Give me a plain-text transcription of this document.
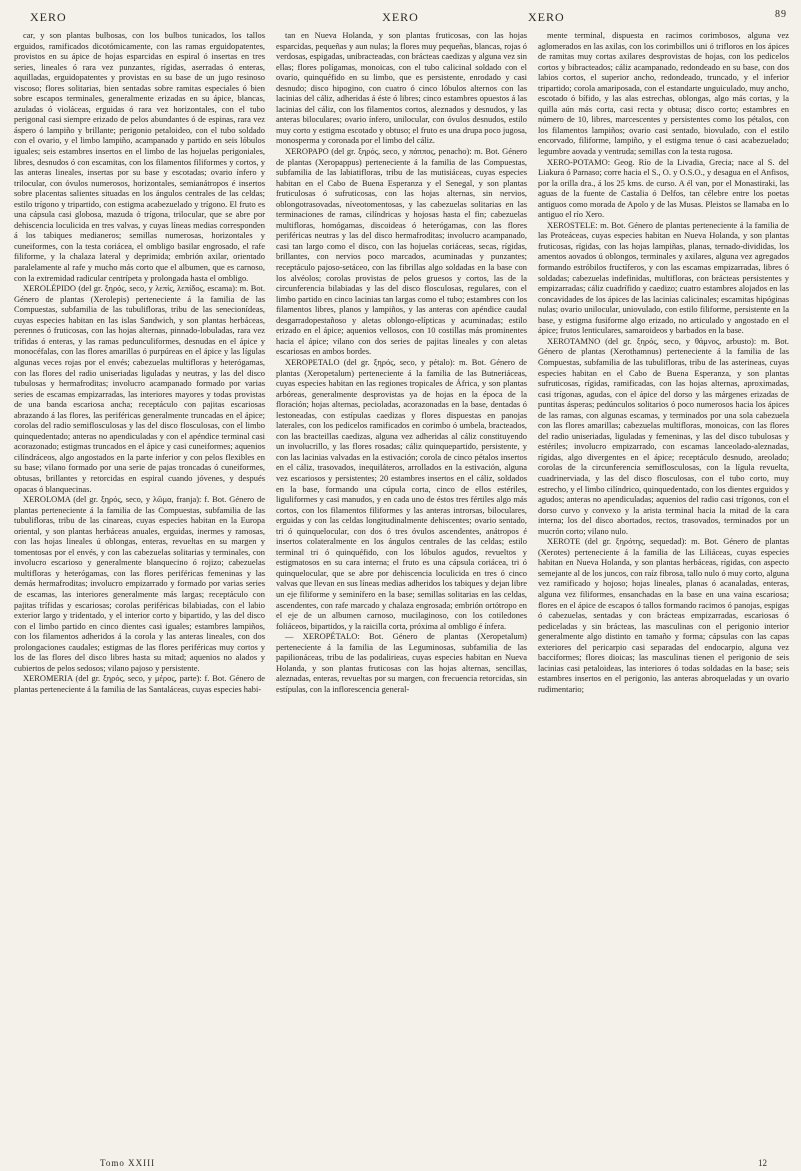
XERO	XERO	XERO	89

car, y son plantas bulbosas, con los bulbos tunicados, los tallos erguidos, ramificados dicotómicamente, con las ramas erguidopatentes, provistos en su ápice de hojas esparcidas en espiral ó insertas en tres series, lineales ó rara vez punzantes, rígidas, aserradas ó enteras, aquilladas, erguidopatentes y provistas en su base de un jugo resinoso viscoso; flores solitarias, bien sentadas sobre ramitas especiales ó bien sobre escapos terminales, generalmente erizadas en su ápice, blancas, azuladas ó violáceas, erguidas ó rara vez horizontales, con el tubo perigonal casi siempre erizado de pelos abundantes ó de espinas, rara vez áspero ó lampiño y brillante; perigonio petaloideo, con el tubo soldado con el ovario, y el limbo lampiño, acampanado y partido en seis lóbulos iguales; seis estambres insertos en el limbo de las hojuelas perigoniales, libres, desnudos ó con escamitas, con los filamentos filiformes y cortos, y las anteras lineales, insertas por su base y escotadas; ovario ínfero y trilocular, con óvulos numerosos, horizontales, semianátropos é insertos sobre placentas salientes situadas en los ángulos centrales de las celdas; estilo trígono y tripartido, con estigma acabezuelado y trígono. El fruto es una cápsula casi globosa, mazuda ó trígona, trilocular, que se abre por dehiscencia loculicida en tres valvas, y cuyas líneas medias corresponden á los tabiques medianeros; semillas numerosas, horizontales y cuneiformes, con la testa coriácea, el ombligo basilar engrosado, el rafe filiforme, y la chalaza lateral y deprimida; embrión axilar, orientado paralelamente al rafe y mucho más corto que el albumen, que es carnoso, con la extremidad radicular centrípeta y prolongada hasta el ombligo.

XEROLÉPIDO (del gr. ξηρός, seco, y λεπίς, λεπίδος, escama): m. Bot. Género de plantas (Xerolepis) perteneciente á la familia de las Compuestas, subfamilia de las tubulifloras, tribu de las senecionídeas, cuyas especies habitan en las islas Sandwich, y son plantas herbáceas, perennes ó fruticosas, con las hojas alternas, pinnado-lobuladas, rara vez trífidas ó enteras, y las ramas pedunculiformes, desnudas en el ápice y monocéfalas, con las flores amarillas ó purpúreas en el ápice y las lígulas algunas veces rojas por el envés; cabezuelas multifloras y heterógamas, con las flores del radio uniseriadas liguladas y neutras, y las del disco tubulosas y hermafroditas; involucro acampanado formado por varias series de escamas empizarradas, las interiores mayores y todas provistas de una banda escariosa ancha; receptáculo con pajitas escariosas abrazando á las flores, las periféricas generalmente truncadas en el ápice; corolas del radio semiflosculosas y las del disco flosculosas, con el limbo quinquedentado; anteras no apendiculadas y con el apéndice terminal casi acorazonado; estigmas truncados en el ápice y casi cuneiformes; aquenios cilíndráceos, algo angostados en la parte inferior y con pelos flexibles en su base; vilano formado por una serie de pajas troncadas ó cuneiformes, obtusas, brillantes y retorcidas en espiral cuando jóvenes, y después opacas ó blanquecinas.

XEROLOMA (del gr. ξηρός, seco, y λῶμα, franja): f. Bot. Género de plantas perteneciente á la familia de las Compuestas, subfamilia de las tubulifloras, tribu de las cinareas, cuyas especies habitan en la Europa oriental, y son plantas herbáceas anuales, erguidas, inermes y ramosas, con las hojas lineales ú oblongas, enteras, revueltas en su margen y tomentosas por el envés, y con las cabezuelas solitarias y terminales, con involucro escarioso y generalmente blanquecino ó rojizo; cabezuelas multifloras y heterógamas, con las flores periféricas femeninas y las demás hermafroditas; involucro empizarrado y formado por varias series de escamas, las interiores generalmente más largas; receptáculo con pajitas trífidas y escariosas; corolas periféricas bilabiadas, con el labio exterior largo y tridentado, y el interior corto y bipartido, y las del disco con el limbo partido en cinco dientes casi iguales; estambres lampiños, con los filamentos adheridos á la corola y las anteras lineales, con dos prolongaciones caudales; estigmas de las flores periféricas muy cortos y los de las flores del disco libres hasta su mitad; aquenios no alados y cubiertos de pelos sedosos; vilano pajoso y persistente.

XEROMERIA (del gr. ξηρός, seco, y μέρος, parte): f. Bot. Género de plantas perteneciente á la familia de las Santaláceas, cuyas especies habi-

tan en Nueva Holanda, y son plantas fruticosas, con las hojas esparcidas, pequeñas y aun nulas; la flores muy pequeñas, blancas, rojas ó verdosas, espigadas, unibracteadas, con brácteas caedizas y alguna vez sin ellas; flores polígamas, monoicas, con el tubo calicinal soldado con el ovario, quinquéfido en su limbo, que es persistente, enrodado y casi desnudo; disco hipogino, con cuatro ó cinco lóbulos alternos con las lacinias del cáliz, adheridas á éste ó libres; cinco estambres opuestos á las lacinias del cáliz, con los filamentos cortos, aleznados y desnudos, y las anteras biloculares; ovario ínfero, unilocular, con óvulos desnudos, estilo muy corto y estigma escotado y obtuso; el fruto es una drupa poco jugosa, monosperma y coronada por el limbo del cáliz.

XEROPAPO (del gr. ξηρός, seco, y πάππος, penacho): m. Bot. Género de plantas (Xeropappus) perteneciente á la familia de las Compuestas, subfamilia de las labiatifloras, tribu de las mutisiáceas, cuyas especies habitan en el Cabo de Buena Esperanza y el Senegal, y son plantas fruticulosas ó sufruticosas, con las hojas alternas, sin nervios, oblongotrasovadas, níveotomentosas, y las cabezuelas solitarias en las terminaciones de ramas, cilíndricas y hojosas hasta el fin; cabezuelas multifloras, homógamas, discoideas ó heterógamas, con las flores periféricas neutras y las del disco hermafroditas; involucro acampanado, casi tan largo como el disco, con las hojuelas coriáceas, secas, rígidas, brillantes, con nervios poco marcados, acuminadas y punzantes; receptáculo pajoso-setáceo, con las fibrillas algo soldadas en la base con los alvéolos; corolas provistas de pelos gruesos y cortos, las de la circunferencia bilabiadas y las del disco flosculosas, regulares, con el limbo partido en cinco lacinias tan largas como el tubo; estambres con los filamentos libres, planos y lampiños, y las anteras con apéndice caudal desgarradopestañoso y aletas oblongo-elípticas y acuminadas; estilo erizado en el ápice; aquenios vellosos, con 10 costillas más prominentes hacia el ápice; vilano con dos series de pajitas lineales y con aletas escariosas en ambos bordes.

XEROPETALO (del gr. ξηρός, seco, y pétalo): m. Bot. Género de plantas (Xeropetalum) perteneciente á la familia de las Butneriáceas, cuyas especies habitan en las regiones tropicales de África, y son plantas arbóreas, generalmente desprovistas ya de hojas en la época de la floración; hojas alternas, pecioladas, acorazonadas en la base, dentadas ó lestoneadas, con estípulas caedizas y flores dispuestas en panojas laterales, con los pedicelos ramificados en corimbo ó umbela, bracteados, con las bracteillas caedizas, alguna vez adheridas al cáliz constituyendo un involucrillo, y las flores rosadas; cáliz quinquepartido, persistente, y con las lacinias valvadas en la estivación; corola de cinco pétalos insertos en el cáliz, trasovados, inequiláteros, arrollados en la estivación, alguna vez escariosos y persistentes; 20 estambres insertos en el cáliz, soldados en la base, formando una cúpula corta, cinco de ellos estériles, liguliformes y casi manudos, y en cada uno de éstos tres fértiles algo más cortos, con los filamentos filiformes y las anteras introrsas, biloculares, erguidas y con las celdas longitudinalmente dehiscentes; ovario sentado, tri ó quinquelocular, con dos ó tres óvulos ascendentes, anátropos é insertos colateralmente en los ángulos centrales de las celdas; estilo terminal tri ó quinquéfido, con los lóbulos agudos, revueltos y estigmatosos en su cara interna; el fruto es una cápsula coriácea, tri ó quinquelocular, que se abre por dehiscencia loculicida en tres ó cinco valvas que llevan en sus líneas medias adheridos los tabiques y dejan libre un eje filiforme y seminífero en la base; semillas solitarias en las celdas, ascendentes, con rafe marcado y chalaza engrosada; embrión ortótropo en el eje de un albumen carnoso, mucilaginoso, con los cotiledones foliáceos, bipartidos, y la raicilla corta, próxima al ombligo é ínfera.

— XEROPÉTALO: Bot. Género de plantas (Xeropetalum) perteneciente á la familia de las Leguminosas, subfamilia de las papilionáceas, tribu de las podalirieas, cuyas especies habitan en Nueva Holanda, y son plantas fruticosas con las hojas alternas, sencillas, aleznadas, enteras, revueltas por su margen, con frecuencia retorcidas, sin estípulas, con la inflorescencia general-

mente terminal, dispuesta en racimos corimbosos, alguna vez aglomerados en las axilas, con los corimbillos uni ó trifloros en los ápices de ramitas muy cortas axilares desprovistas de hojas, con los pedicelos cortos y bibracteados; cáliz acampanado, redondeado en su base, con dos labios cortos, el superior ancho, redondeado, truncado, y el inferior tripartido; corola amariposada, con el estandarte unguiculado, muy ancho, escotado ó bífido, y las alas estrechas, oblongas, algo más cortas, y la quilla aún más corta, casi recta y obtusa; disco corto; estambres en número de 10, libres, marcescentes y persistentes como los pétalos, con los filamentos lampiños; ovario casi sentado, biovulado, con el estilo encorvado, filiforme, lampiño, y el estigma tenue ó casi acabezuelado; legumbre aovada y ventruda; semillas con la testa rugosa.

XERO-POTAMO: Geog. Río de la Livadia, Grecia; nace al S. del Liakura ó Parnaso; corre hacia el S., O. y O.S.O., y desagua en el Anfisos, por la orilla dra., á los 25 kms. de curso. A él van, por el Monastiraki, las aguas de la fuente de Castalia ó Delfos, tan célebre entre los poetas antiguos como morada de Apolo y de las Musas. Pleistos se llamaba en lo antiguo el río Xero.

XEROSTELE: m. Bot. Género de plantas perteneciente á la familia de las Proteáceas, cuyas especies habitan en Nueva Holanda, y son plantas fruticosas, rígidas, con las hojas lampiñas, planas, ternado-divididas, los amentos aovados ú oblongos, terminales y axilares, alguna vez agregados formando estróbilos fructíferos, y con las escamas empizarradas, libres ó soldadas; cabezuelas indefinidas, multifloras, con brácteas persistentes y empizarradas; cáliz cuadrífido y caedizo; cuatro estambres alojados en las concavidades de los ápices de las lacinias calicinales; escamitas hipóginas nulas; ovario unilocular, uniovulado, con estilo filiforme, persistente en la base, y estigma fusiforme algo erizado, no articulado y angostado en el ápice; frutos lenticulares, samaroideos y barbados en la base.

XEROTAMNO (del gr. ξηρός, seco, y θάμνος, arbusto): m. Bot. Género de plantas (Xerothamnus) perteneciente á la familia de las Compuestas, subfamilia de las tubulifloras, tribu de las asterineas, cuyas especies habitan en el Cabo de Buena Esperanza, y son plantas sufruticosas, rígidas, ramificadas, con las hojas alternas, aproximadas, casi trígonas, agudas, con el ápice del dorso y las márgenes erizadas de puntitas ásperas; pedúnculos solitarios ó poco numerosos hacia los ápices de las ramas, con algunas escamas, y terminados por una sola cabezuela con las flores amarillas; cabezuelas multifloras, monoicas, con las flores del radio uniseriadas, liguladas y femeninas, y las del disco tubulosas y estériles; involucro empizarrado, con escamas lanceolado-aleznadas, rígidas, algo divergentes en el ápice; receptáculo desnudo, areolado; corolas de la circunferencia semiflosculosas, con la lígula revuelta, cuadrinerviada, y las del disco flosculosas, con el tubo corto, muy estrecho, y el limbo cilíndrico, quinquedentado, con los dientes erguidos y agudos; anteras no apendiculadas; aquenios del radio casi trígonos, con el dorso curvo y convexo y la arista terminal hacia la mitad de la cara interna; los del disco abortados, rectos, trasovados, terminados por un mucrón corto; vilano nulo.

XEROTE (del gr. ξηρότης, sequedad): m. Bot. Género de plantas (Xerotes) perteneciente á la familia de las Liliáceas, cuyas especies habitan en Nueva Holanda, y son plantas herbáceas, rígidas, con aspecto semejante al de los juncos, con raíz fibrosa, tallo nulo ó muy corto, alguna vez ramificado y hojoso; hojas lineales, planas ó acanaladas, enteras, alguna vez filiformes, ensanchadas en la base en una vaina escariosa; flores en el ápice de escapos ó tallos formando racimos ó panojas, espigas ó cabezuelas, sentadas y con brácteas empizarradas, escariosas ó pediceladas y sin brácteas, las masculinas con el perigonio interior generalmente algo distinto en tamaño y forma; cápsulas con las capas exteriores del pericarpio casi separadas del endocarpio, alguna vez bacciformes; flores dioicas; las masculinas tienen el perigonio de seis lacinias casi petaloideas, las interiores ó todas soldadas en la base; seis estambres insertos en el perigonio, las anteras abroqueladas y un ovario rudimentario;

Tomo XXIII	12
